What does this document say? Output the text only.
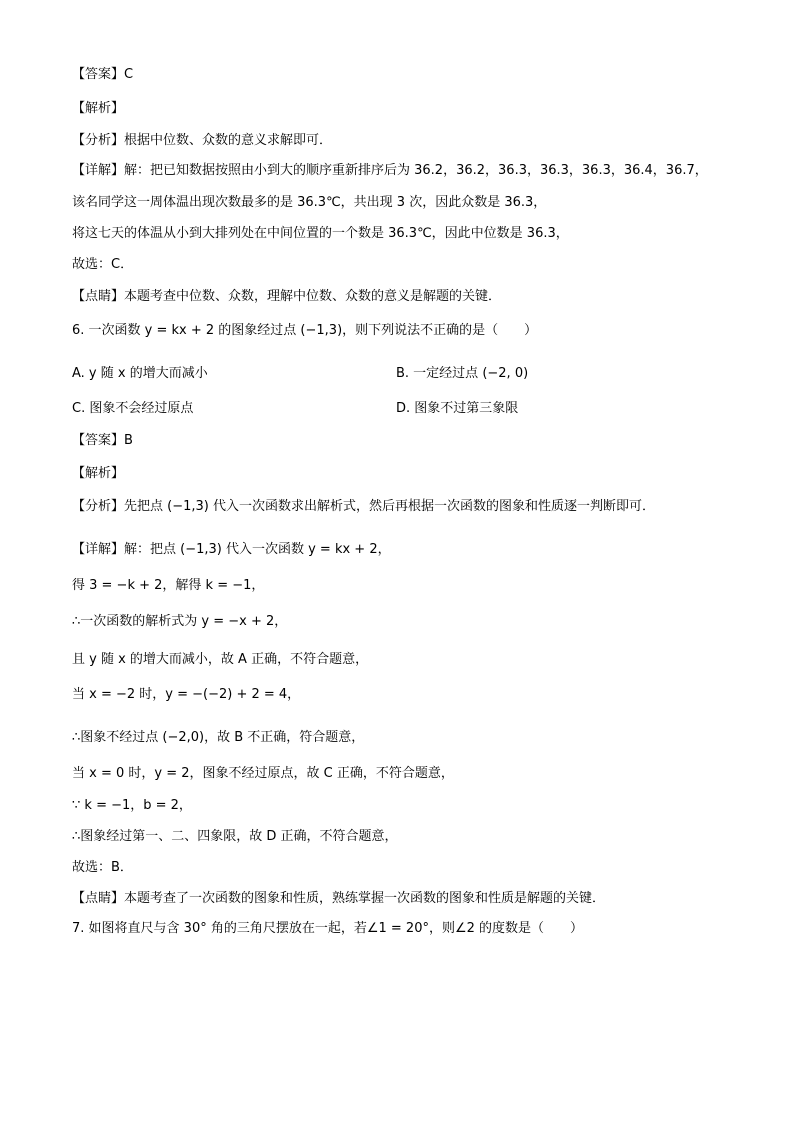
【答案】C
【解析】
【分析】根据中位数、众数的意义求解即可．
【详解】解：把已知数据按照由小到大的顺序重新排序后为 36.2，36.2，36.3，36.3，36.3，36.4，36.7，
该名同学这一周体温出现次数最多的是 36.3℃，共出现 3 次，因此众数是 36.3，
将这七天的体温从小到大排列处在中间位置的一个数是 36.3℃，因此中位数是 36.3，
故选：C．
【点睛】本题考查中位数、众数，理解中位数、众数的意义是解题的关键．
6. 一次函数 y = kx + 2 的图象经过点 (−1,3)，则下列说法不正确的是（　　）
A. y 随 x 的增大而减小	B. 一定经过点 (−2, 0)
C. 图象不会经过原点	D. 图象不过第三象限
【答案】B
【解析】
【分析】先把点 (−1,3) 代入一次函数求出解析式，然后再根据一次函数的图象和性质逐一判断即可．
【详解】解：把点 (−1,3) 代入一次函数 y = kx + 2，
得 3 = −k + 2，解得 k = −1，
∴一次函数的解析式为 y = −x + 2，
且 y 随 x 的增大而减小，故 A 正确，不符合题意，
当 x = −2 时，y = −(−2) + 2 = 4，
∴图象不经过点 (−2,0)，故 B 不正确，符合题意，
当 x = 0 时，y = 2，图象不经过原点，故 C 正确，不符合题意，
∵ k = −1，b = 2，
∴图象经过第一、二、四象限，故 D 正确，不符合题意，
故选：B．
【点睛】本题考查了一次函数的图象和性质，熟练掌握一次函数的图象和性质是解题的关键．
7. 如图将直尺与含 30° 角的三角尺摆放在一起，若∠1 = 20°，则∠2 的度数是（　　）
